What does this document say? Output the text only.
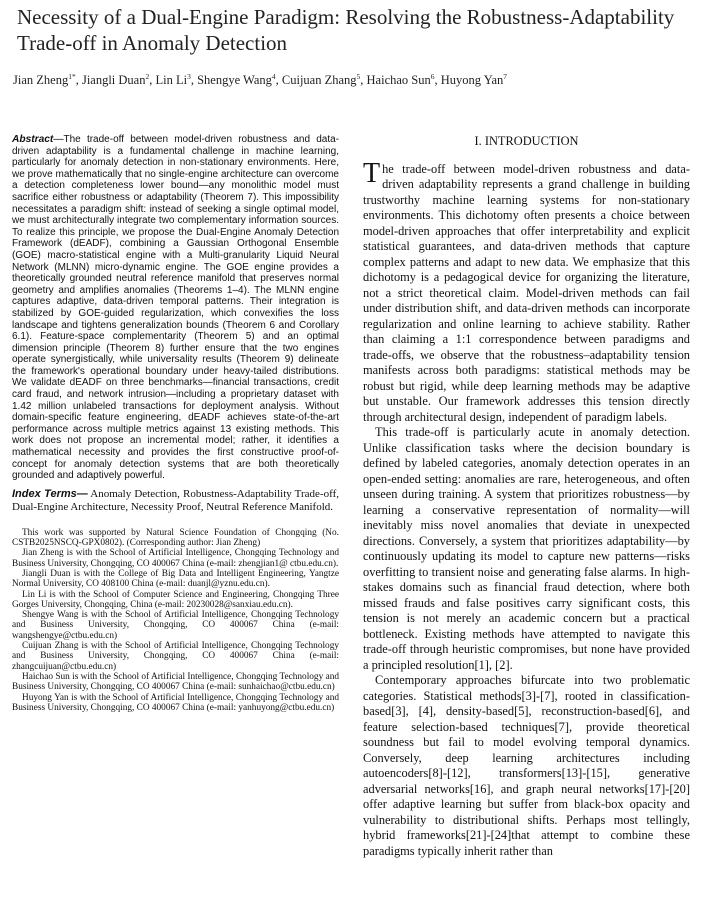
Necessity of a Dual-Engine Paradigm: Resolving the Robustness-Adaptability Trade-off in Anomaly Detection
Jian Zheng$^{1*}$, Jiangli Duan$^2$, Lin Li$^3$, Shengye Wang$^4$, Cuijuan Zhang$^5$, Haichao Sun$^6$, Huyong Yan$^7$

Abstract—The trade-off between model-driven robustness and data-driven adaptability is a fundamental challenge in machine learning, particularly for anomaly detection in non-stationary environments. Here, we prove mathematically that no single-engine architecture can overcome a detection completeness lower bound—any monolithic model must sacrifice either robustness or adaptability (Theorem 7). This impossibility necessitates a paradigm shift: instead of seeking a single optimal model, we must architecturally integrate two complementary information sources. To realize this principle, we propose the Dual-Engine Anomaly Detection Framework (dEADF), combining a Gaussian Orthogonal Ensemble (GOE) macro-statistical engine with a Multi-granularity Liquid Neural Network (MLNN) micro-dynamic engine. The GOE engine provides a theoretically grounded neutral reference manifold that preserves normal geometry and amplifies anomalies (Theorems 1–4). The MLNN engine captures adaptive, data-driven temporal patterns. Their integration is stabilized by GOE-guided regularization, which convexifies the loss landscape and tightens generalization bounds (Theorem 6 and Corollary 6.1). Feature-space complementarity (Theorem 5) and an optimal dimension principle (Theorem 8) further ensure that the two engines operate synergistically, while universality results (Theorem 9) delineate the framework's operational boundary under heavy-tailed distributions. We validate dEADF on three benchmarks—financial transactions, credit card fraud, and network intrusion—including a proprietary dataset with 1.42 million unlabeled transactions for deployment analysis. Without domain-specific feature engineering, dEADF achieves state-of-the-art performance across multiple metrics against 13 existing methods. This work does not propose an incremental model; rather, it identifies a mathematical necessity and provides the first constructive proof-of-concept for anomaly detection systems that are both theoretically grounded and adaptively powerful.

Index Terms— Anomaly Detection, Robustness-Adaptability Trade-off, Dual-Engine Architecture, Necessity Proof, Neutral Reference Manifold.

This work was supported by Natural Science Foundation of Chongqing (No. CSTB2025NSCQ-GPX0802). (Corresponding author: Jian Zheng)

Jian Zheng is with the School of Artificial Intelligence, Chongqing Technology and Business University, Chongqing, CO 400067 China (e-mail: zhengjian1@ ctbu.edu.cn).

Jiangli Duan is with the College of Big Data and Intelligent Engineering, Yangtze Normal University, CO 408100 China (e-mail: duanjl@yznu.edu.cn).

Lin Li is with the School of Computer Science and Engineering, Chongqing Three Gorges University, Chongqing, China (e-mail: 20230028@sanxiau.edu.cn).

Shengye Wang is with the School of Artificial Intelligence, Chongqing Technology and Business University, Chongqing, CO 400067 China (e-mail: wangshengye@ctbu.edu.cn)

Cuijuan Zhang is with the School of Artificial Intelligence, Chongqing Technology and Business University, Chongqing, CO 400067 China (e-mail: zhangcuijuan@ctbu.edu.cn)

Haichao Sun is with the School of Artificial Intelligence, Chongqing Technology and Business University, Chongqing, CO 400067 China (e-mail: sunhaichao@ctbu.edu.cn)

Huyong Yan is with the School of Artificial Intelligence, Chongqing Technology and Business University, Chongqing, CO 400067 China (e-mail: yanhuyong@ctbu.edu.cn)

I. INTRODUCTION

The trade-off between model-driven robustness and data-driven adaptability represents a grand challenge in building trustworthy machine learning systems for non-stationary environments. This dichotomy often presents a choice between model-driven approaches that offer interpretability and explicit statistical guarantees, and data-driven methods that capture complex patterns and adapt to new data. We emphasize that this dichotomy is a pedagogical device for organizing the literature, not a strict theoretical claim. Model-driven methods can fail under distribution shift, and data-driven methods can incorporate regularization and online learning to achieve stability. Rather than claiming a 1:1 correspondence between paradigms and trade-offs, we observe that the robustness–adaptability tension manifests across both paradigms: statistical methods may be robust but rigid, while deep learning methods may be adaptive but unstable. Our framework addresses this tension directly through architectural design, independent of paradigm labels.

This trade-off is particularly acute in anomaly detection. Unlike classification tasks where the decision boundary is defined by labeled categories, anomaly detection operates in an open-ended setting: anomalies are rare, heterogeneous, and often unseen during training. A system that prioritizes robustness—by learning a conservative representation of normality—will inevitably miss novel anomalies that deviate in unexpected directions. Conversely, a system that prioritizes adaptability—by continuously updating its model to capture new patterns—risks overfitting to transient noise and generating false alarms. In high-stakes domains such as financial fraud detection, where both missed frauds and false positives carry significant costs, this tension is not merely an academic concern but a practical bottleneck. Existing methods have attempted to navigate this trade-off through heuristic compromises, but none have provided a principled resolution[1], [2].

Contemporary approaches bifurcate into two problematic categories. Statistical methods[3]-[7], rooted in classification-based[3], [4], density-based[5], reconstruction-based[6], and feature selection-based techniques[7], provide theoretical soundness but fail to model evolving temporal dynamics. Conversely, deep learning architectures including autoencoders[8]-[12], transformers[13]-[15], generative adversarial networks[16], and graph neural networks[17]-[20] offer adaptive learning but suffer from black-box opacity and vulnerability to distributional shifts. Perhaps most tellingly, hybrid frameworks[21]-[24]that attempt to combine these paradigms typically inherit rather than
